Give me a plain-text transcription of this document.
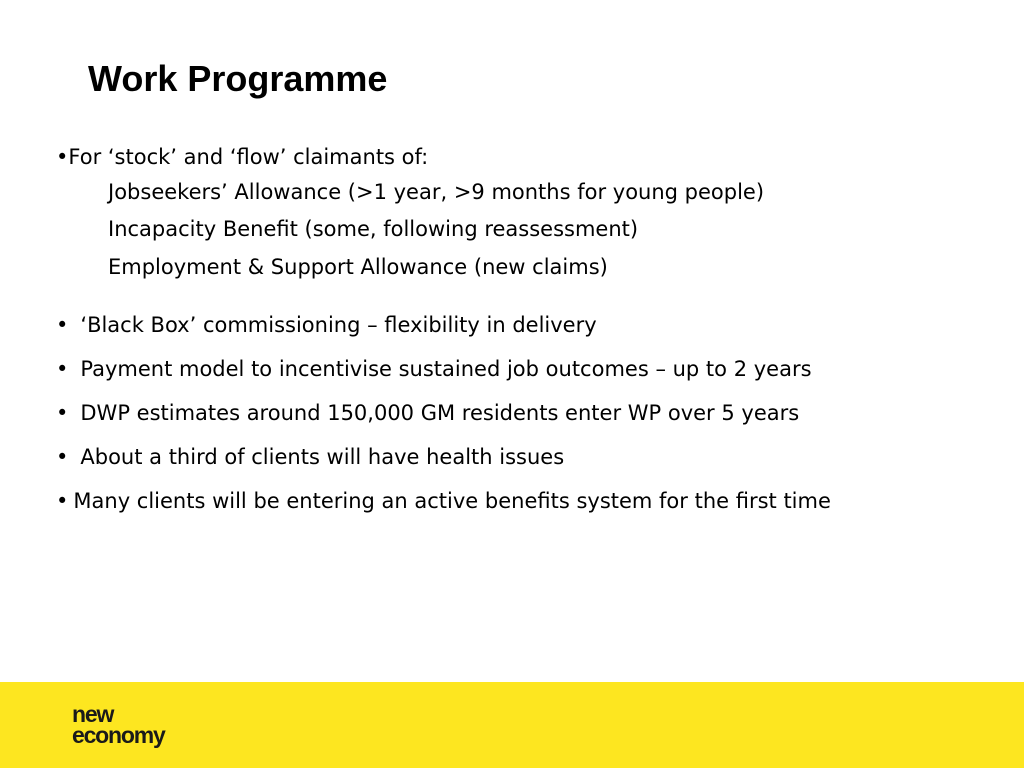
Work Programme
•For ‘stock’ and ‘flow’ claimants of:
Jobseekers’ Allowance (>1 year, >9 months for young people)
Incapacity Benefit (some, following reassessment)
Employment & Support Allowance (new claims)
• ‘Black Box’ commissioning – flexibility in delivery
• Payment model to incentivise sustained job outcomes – up to 2 years
• DWP estimates around 150,000 GM residents enter WP over 5 years
• About a third of clients will have health issues
• Many clients will be entering an active benefits system for the first time
new
economy
